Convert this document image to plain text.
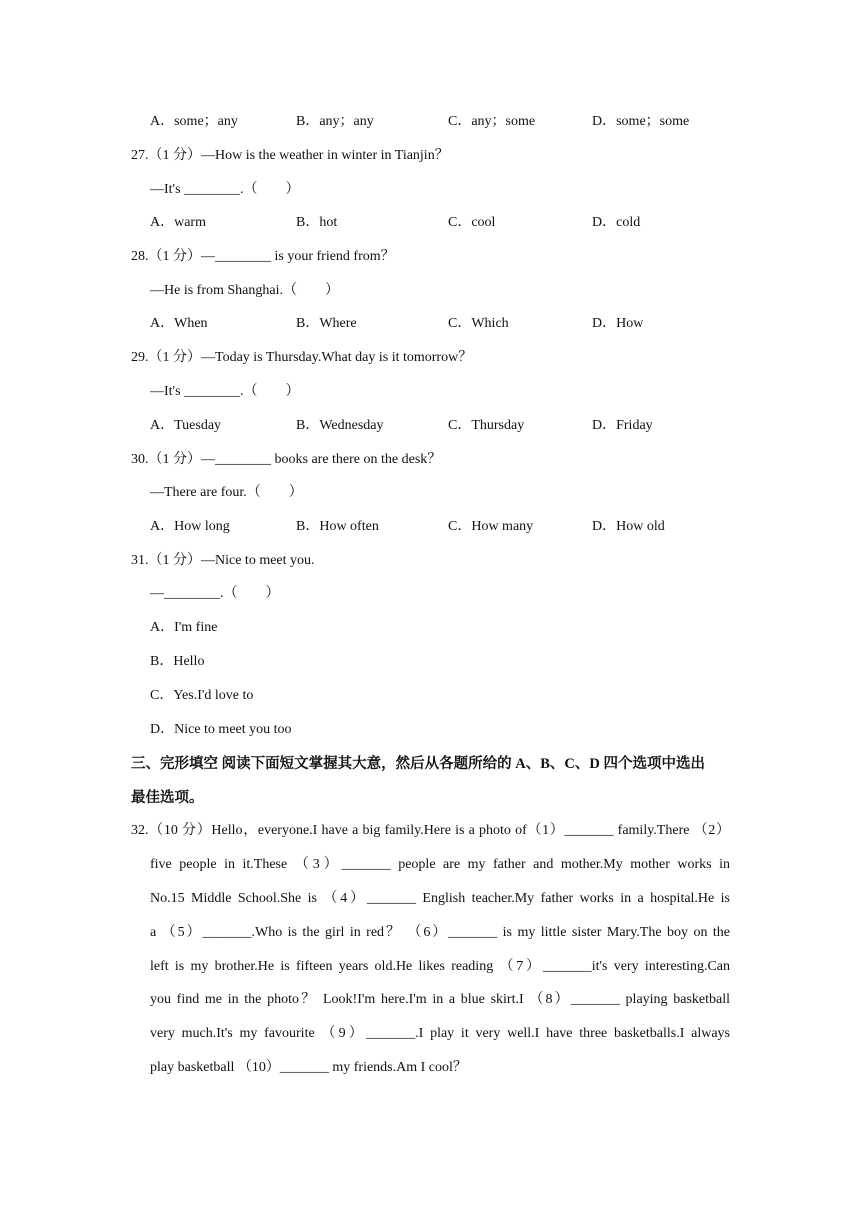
A．some；any	B．any；any	C．any；some	D．some；some
27.（1 分）—How is the weather in winter in Tianjin？
—It's ________.（　　）
A．warm	B．hot	C．cool	D．cold
28.（1 分）—________ is your friend from？
—He is from Shanghai.（　　）
A．When	B．Where	C．Which	D．How
29.（1 分）—Today is Thursday.What day is it tomorrow？
—It's ________.（　　）
A．Tuesday	B．Wednesday	C．Thursday	D．Friday
30.（1 分）—________ books are there on the desk？
—There are four.（　　）
A．How long	B．How often	C．How many	D．How old
31.（1 分）—Nice to meet you.
—________.（　　）
A．I'm fine
B．Hello
C．Yes.I'd love to
D．Nice to meet you too
三、完形填空 阅读下面短文掌握其大意，然后从各题所给的 A、B、C、D 四个选项中选出
最佳选项。
32.（10 分）Hello，everyone.I have a big family.Here is a photo of（1）_______ family.There （2）
five people in it.These （3）_______ people are my father and mother.My mother works in
No.15 Middle School.She is （4）_______ English teacher.My father works in a hospital.He is
a （5）_______.Who is the girl in red？ （6）_______ is my little sister Mary.The boy on the
left is my brother.He is fifteen years old.He likes reading （7）_______it's very interesting.Can
you find me in the photo？ Look!I'm here.I'm in a blue skirt.I （8）_______ playing basketball
very much.It's my favourite （9）_______.I play it very well.I have three basketballs.I always
play basketball （10）_______ my friends.Am I cool？
